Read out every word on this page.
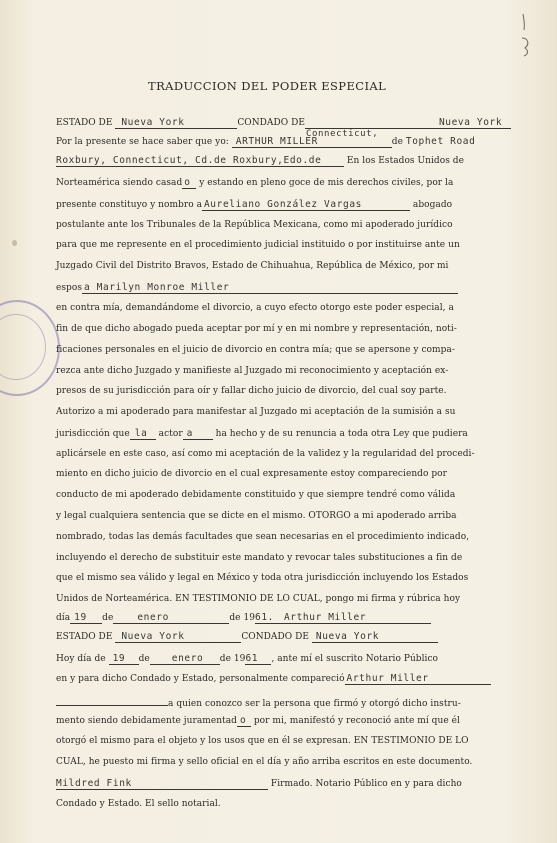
TRADUCCION DEL PODER ESPECIAL
ESTADO DE Nueva York	CONDADO DE	Nueva York
Connecticut,
Por la presente se hace saber que yo: ARTHUR MILLER	de Tophet Road
Roxbury, Connecticut, Cd.de Roxbury,Edo.de	En los Estados Unidos de
Norteamérica siendo casad o y estando en pleno goce de mis derechos civiles, por la
presente constituyo y nombro a Aureliano González Vargas	abogado
postulante ante los Tribunales de la República Mexicana, como mi apoderado jurídico
para que me represente en el procedimiento judicial instituido o por instituirse ante un
Juzgado Civil del Distrito Bravos, Estado de Chihuahua, República de México, por mi
espos a Marilyn Monroe Miller
en contra mía, demandándome el divorcio, a cuyo efecto otorgo este poder especial, a
fin de que dicho abogado pueda aceptar por mí y en mi nombre y representación, noti-
ficaciones personales en el juicio de divorcio en contra mía; que se apersone y compa-
rezca ante dicho Juzgado y manifieste al Juzgado mi reconocimiento y aceptación ex-
presos de su jurisdicción para oír y fallar dicho juicio de divorcio, del cual soy parte.
Autorizo a mi apoderado para manifestar al Juzgado mi aceptación de la sumisión a su
jurisdicción que la actor a	ha hecho y de su renuncia a toda otra Ley que pudiera
aplicársele en este caso, así como mi aceptación de la validez y la regularidad del procedi-
miento en dicho juicio de divorcio en el cual expresamente estoy compareciendo por
conducto de mi apoderado debidamente constituido y que siempre tendré como válida
y legal cualquiera sentencia que se dicte en el mismo. OTORGO a mi apoderado arriba
nombrado, todas las demás facultades que sean necesarias en el procedimiento indicado,
incluyendo el derecho de substituir este mandato y revocar tales substituciones a fin de
que el mismo sea válido y legal en México y toda otra jurisdicción incluyendo los Estados
Unidos de Norteamérica. EN TESTIMONIO DE LO CUAL, pongo mi firma y rúbrica hoy
día 19 de	enero	de 1961. Arthur Miller
ESTADO DE Nueva York	CONDADO DE Nueva York
Hoy día de 19 de enero de 1961 , ante mí el suscrito Notario Público
en y para dicho Condado y Estado, personalmente compareció Arthur Miller
a quien conozco ser la persona que firmó y otorgó dicho instru-
mento siendo debidamente juramentad o por mi, manifestó y reconoció ante mí que él
otorgó el mismo para el objeto y los usos que en él se expresan. EN TESTIMONIO DE LO
CUAL, he puesto mi firma y sello oficial en el día y año arriba escritos en este documento.
Mildred Fink	Firmado. Notario Público en y para dicho
Condado y Estado. El sello notarial.
